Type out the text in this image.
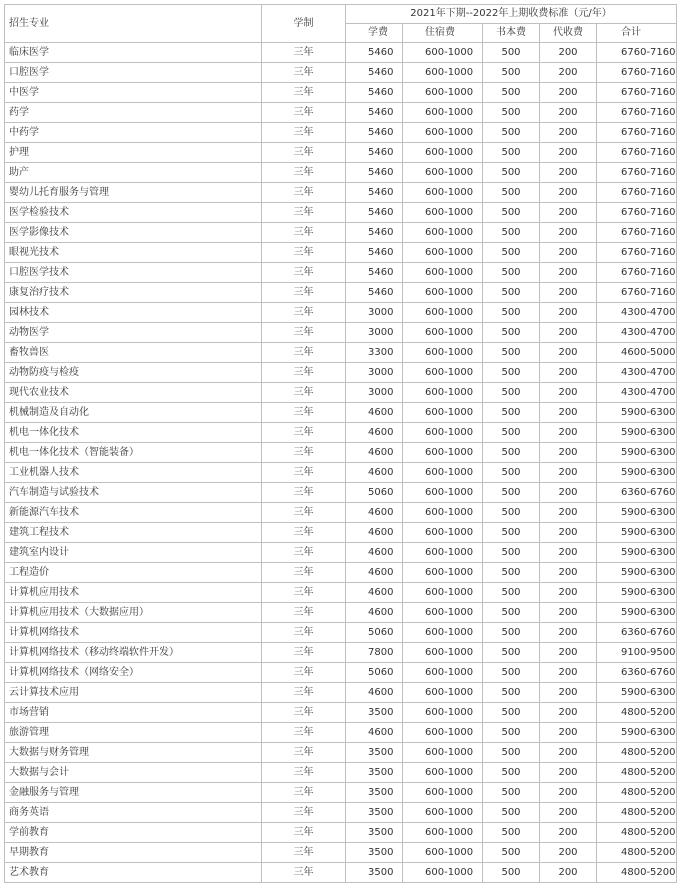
招生专业	学制	2021年下期--2022年上期收费标准（元/年）				
		学费	住宿费	书本费	代收费	合计
临床医学	三年	5460	600-1000	500	200	6760-7160
口腔医学	三年	5460	600-1000	500	200	6760-7160
中医学	三年	5460	600-1000	500	200	6760-7160
药学	三年	5460	600-1000	500	200	6760-7160
中药学	三年	5460	600-1000	500	200	6760-7160
护理	三年	5460	600-1000	500	200	6760-7160
助产	三年	5460	600-1000	500	200	6760-7160
婴幼儿托育服务与管理	三年	5460	600-1000	500	200	6760-7160
医学检验技术	三年	5460	600-1000	500	200	6760-7160
医学影像技术	三年	5460	600-1000	500	200	6760-7160
眼视光技术	三年	5460	600-1000	500	200	6760-7160
口腔医学技术	三年	5460	600-1000	500	200	6760-7160
康复治疗技术	三年	5460	600-1000	500	200	6760-7160
园林技术	三年	3000	600-1000	500	200	4300-4700
动物医学	三年	3000	600-1000	500	200	4300-4700
畜牧兽医	三年	3300	600-1000	500	200	4600-5000
动物防疫与检疫	三年	3000	600-1000	500	200	4300-4700
现代农业技术	三年	3000	600-1000	500	200	4300-4700
机械制造及自动化	三年	4600	600-1000	500	200	5900-6300
机电一体化技术	三年	4600	600-1000	500	200	5900-6300
机电一体化技术（智能装备）	三年	4600	600-1000	500	200	5900-6300
工业机器人技术	三年	4600	600-1000	500	200	5900-6300
汽车制造与试验技术	三年	5060	600-1000	500	200	6360-6760
新能源汽车技术	三年	4600	600-1000	500	200	5900-6300
建筑工程技术	三年	4600	600-1000	500	200	5900-6300
建筑室内设计	三年	4600	600-1000	500	200	5900-6300
工程造价	三年	4600	600-1000	500	200	5900-6300
计算机应用技术	三年	4600	600-1000	500	200	5900-6300
计算机应用技术（大数据应用）	三年	4600	600-1000	500	200	5900-6300
计算机网络技术	三年	5060	600-1000	500	200	6360-6760
计算机网络技术（移动终端软件开发）	三年	7800	600-1000	500	200	9100-9500
计算机网络技术（网络安全）	三年	5060	600-1000	500	200	6360-6760
云计算技术应用	三年	4600	600-1000	500	200	5900-6300
市场营销	三年	3500	600-1000	500	200	4800-5200
旅游管理	三年	4600	600-1000	500	200	5900-6300
大数据与财务管理	三年	3500	600-1000	500	200	4800-5200
大数据与会计	三年	3500	600-1000	500	200	4800-5200
金融服务与管理	三年	3500	600-1000	500	200	4800-5200
商务英语	三年	3500	600-1000	500	200	4800-5200
学前教育	三年	3500	600-1000	500	200	4800-5200
早期教育	三年	3500	600-1000	500	200	4800-5200
艺术教育	三年	3500	600-1000	500	200	4800-5200
